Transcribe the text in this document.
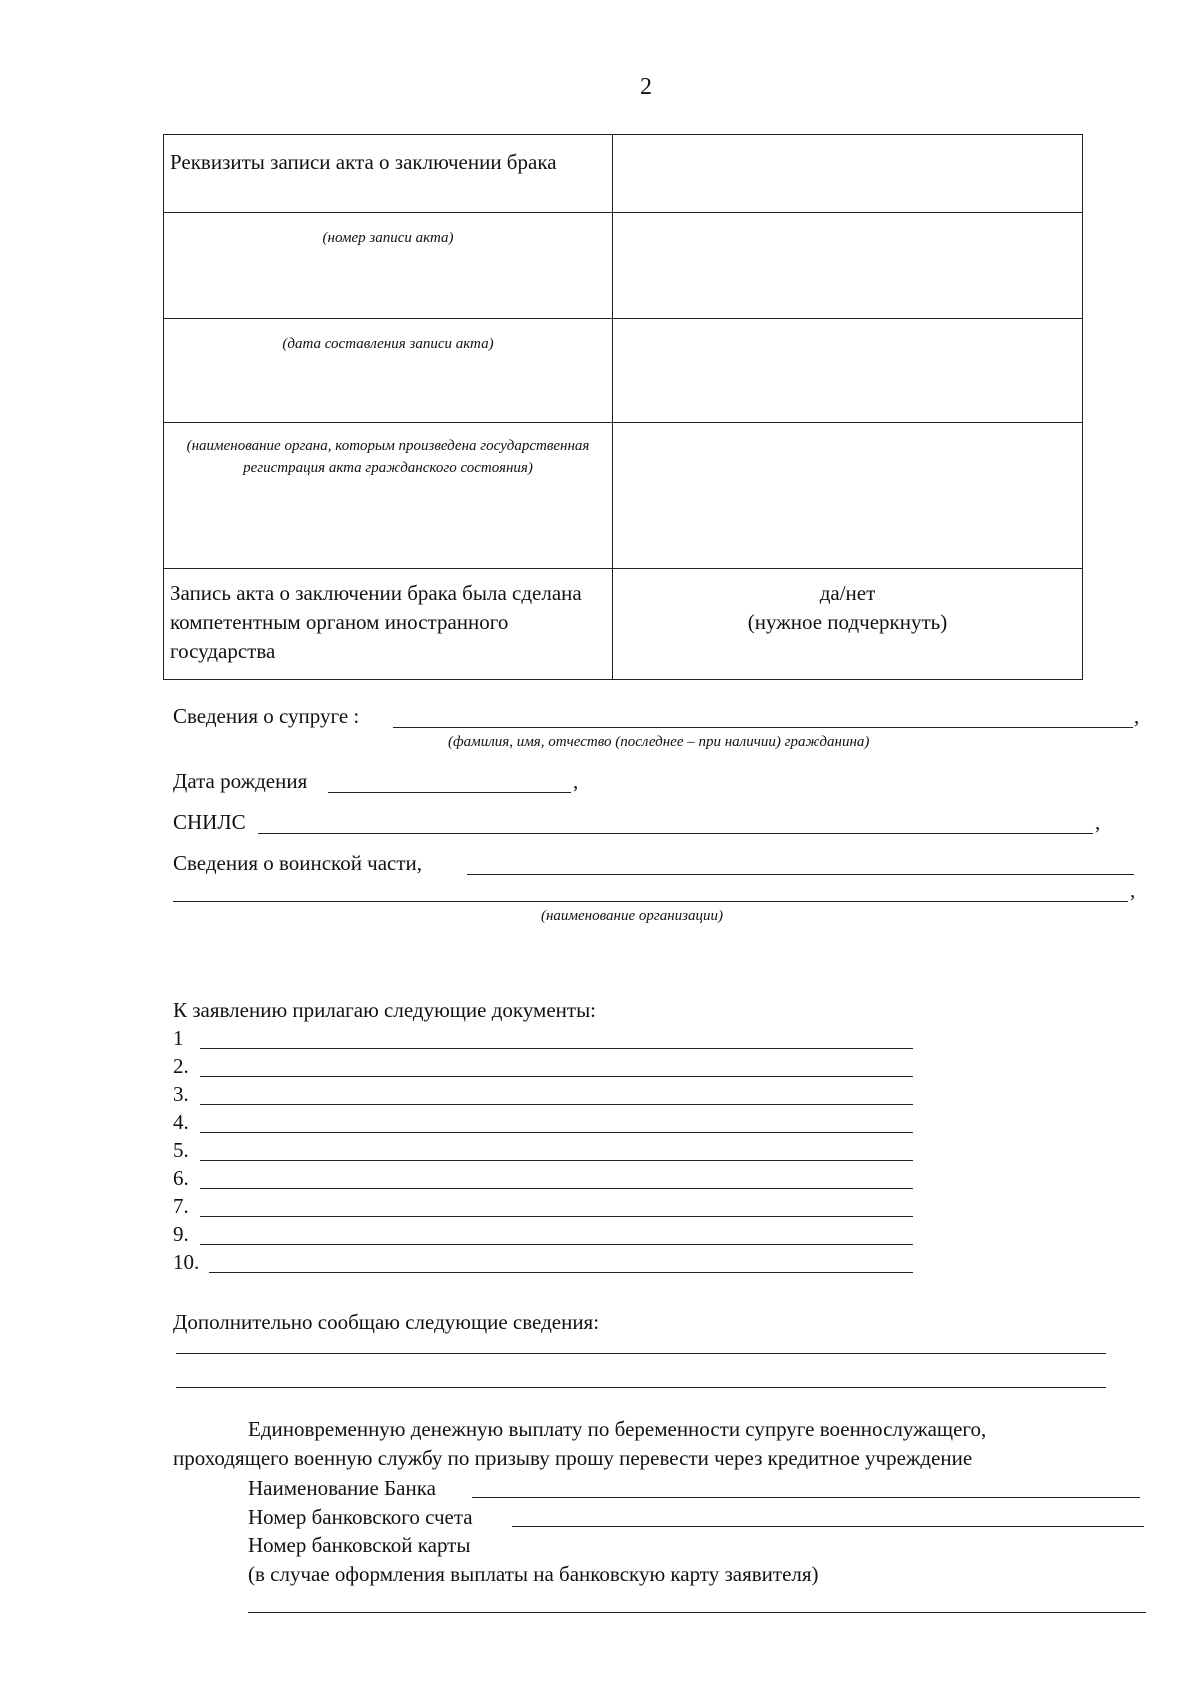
2
Реквизиты записи акта о заключении брака	

(номер записи акта)	

(дата составления записи акта)	

(наименование органа, которым произведена государственная регистрация акта гражданского состояния)	

Запись акта о заключении брака была сделана компетентным органом иностранного государства	да/нет
(нужное подчеркнуть)
Сведения о супруге :	,
(фамилия, имя, отчество (последнее – при наличии) гражданина)
Дата рождения	,
СНИЛС	,
Сведения о воинской части,
,
(наименование организации)
К заявлению прилагаю следующие документы:
1
2.
3.
4.
5.
6.
7.
9.
10.
Дополнительно сообщаю следующие сведения:
Единовременную денежную выплату по беременности супруге военнослужащего,
проходящего военную службу по призыву прошу перевести через кредитное учреждение
Наименование Банка
Номер банковского счета
Номер банковской карты
(в случае оформления выплаты на банковскую карту заявителя)
